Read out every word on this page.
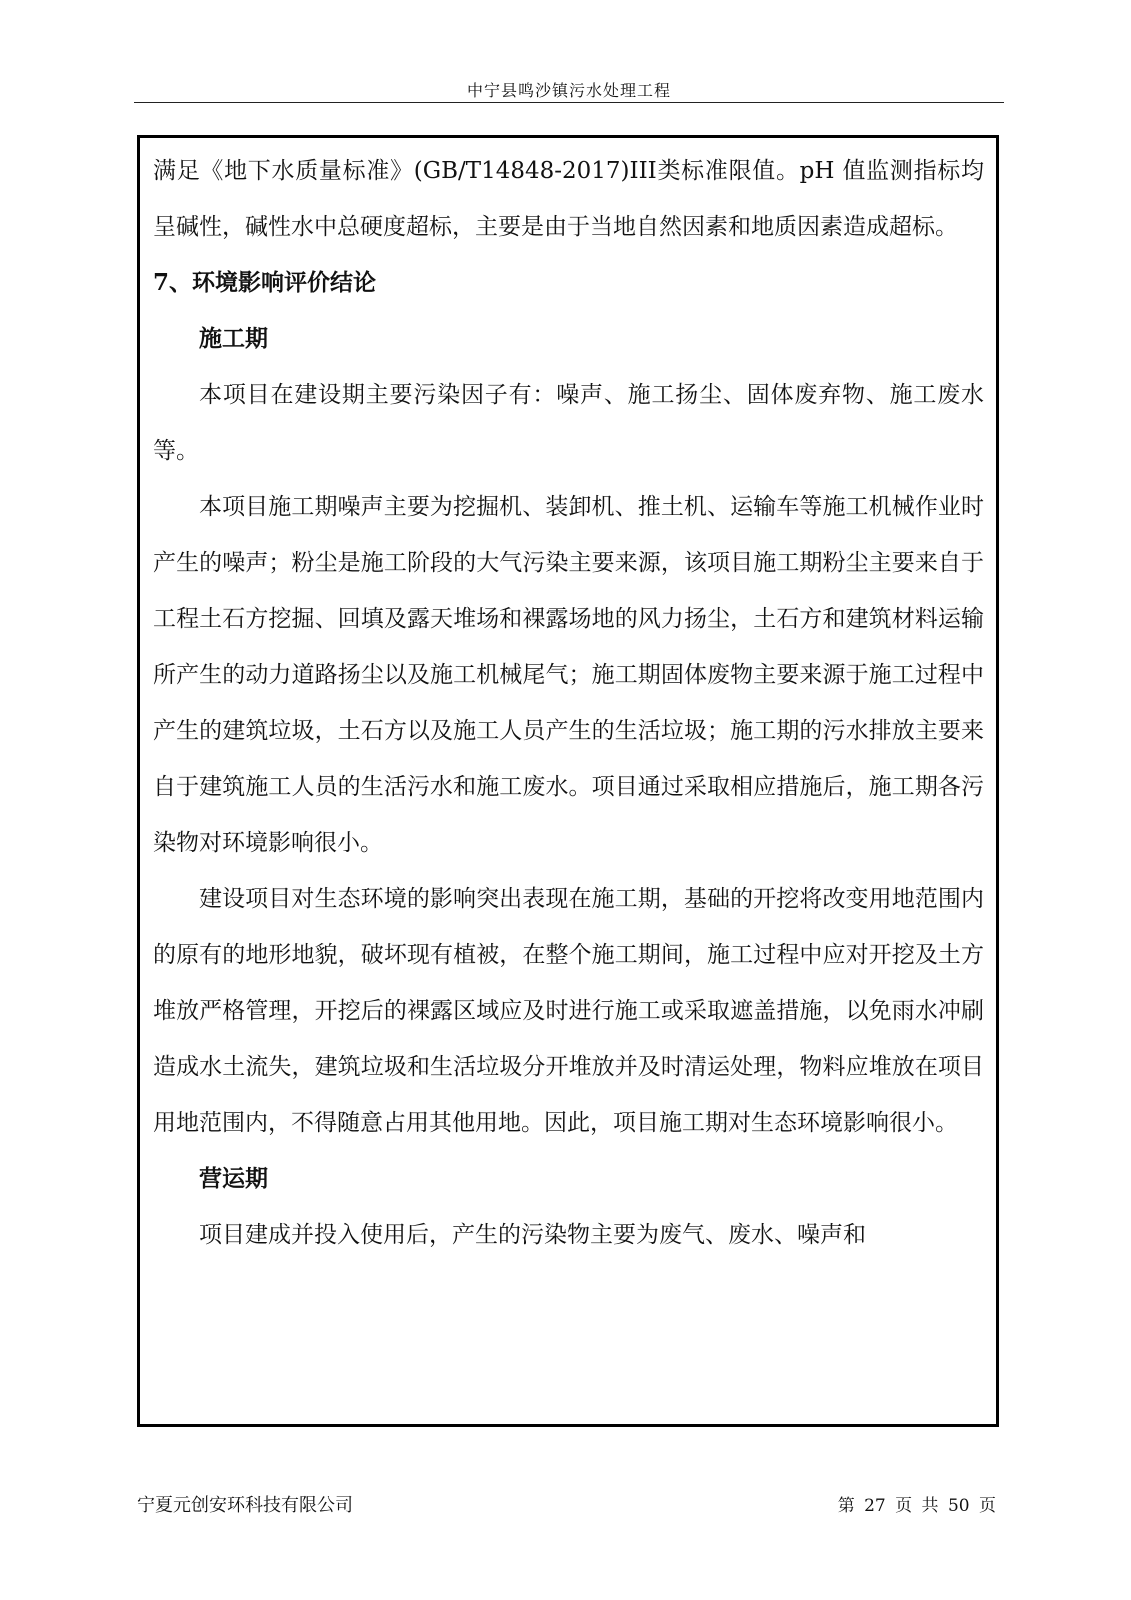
中宁县鸣沙镇污水处理工程

满足《地下水质量标准》(GB/T14848-2017)III类标准限值。pH 值监测指标均呈碱性，碱性水中总硬度超标，主要是由于当地自然因素和地质因素造成超标。

7、环境影响评价结论

施工期

本项目在建设期主要污染因子有：噪声、施工扬尘、固体废弃物、施工废水等。

本项目施工期噪声主要为挖掘机、装卸机、推土机、运输车等施工机械作业时产生的噪声；粉尘是施工阶段的大气污染主要来源，该项目施工期粉尘主要来自于工程土石方挖掘、回填及露天堆场和裸露场地的风力扬尘，土石方和建筑材料运输所产生的动力道路扬尘以及施工机械尾气；施工期固体废物主要来源于施工过程中产生的建筑垃圾，土石方以及施工人员产生的生活垃圾；施工期的污水排放主要来自于建筑施工人员的生活污水和施工废水。项目通过采取相应措施后，施工期各污染物对环境影响很小。

建设项目对生态环境的影响突出表现在施工期，基础的开挖将改变用地范围内的原有的地形地貌，破坏现有植被，在整个施工期间，施工过程中应对开挖及土方堆放严格管理，开挖后的裸露区域应及时进行施工或采取遮盖措施，以免雨水冲刷造成水土流失，建筑垃圾和生活垃圾分开堆放并及时清运处理，物料应堆放在项目用地范围内，不得随意占用其他用地。因此，项目施工期对生态环境影响很小。

营运期

项目建成并投入使用后，产生的污染物主要为废气、废水、噪声和

宁夏元创安环科技有限公司	第 27 页 共 50 页
